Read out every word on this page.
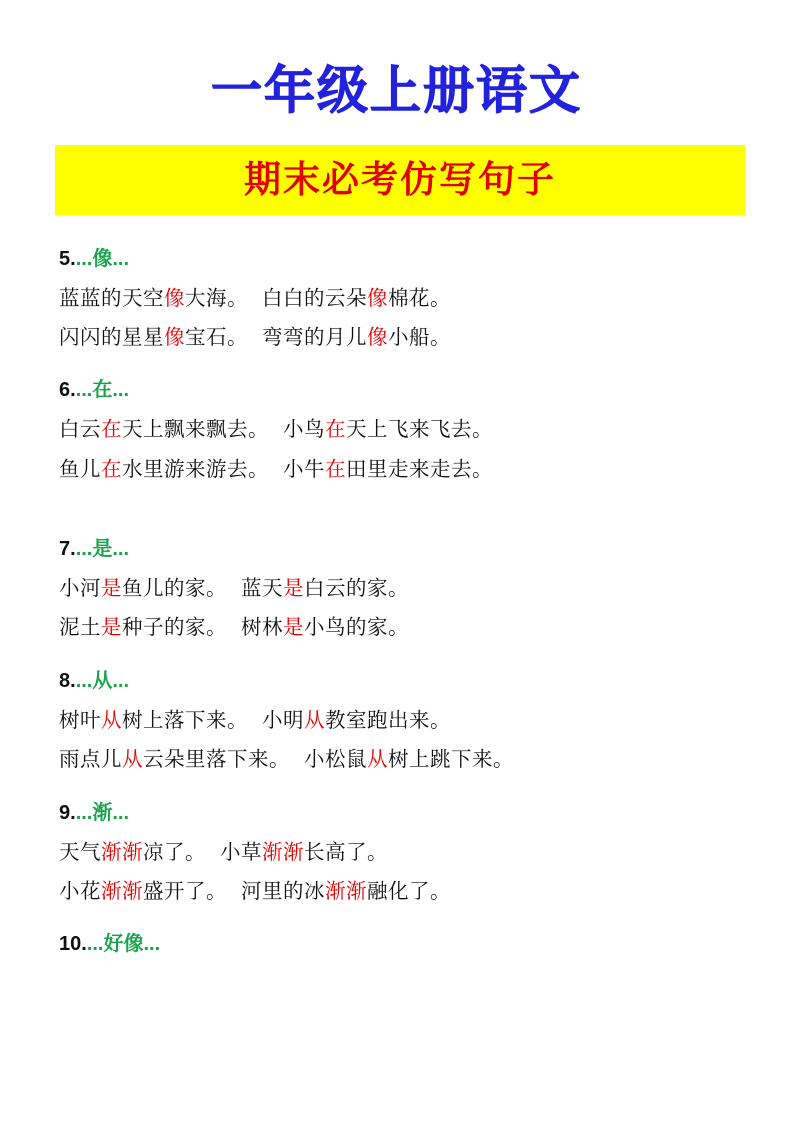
一年级上册语文
期末必考仿写句子
5....像...
蓝蓝的天空像大海。 白白的云朵像棉花。
闪闪的星星像宝石。 弯弯的月儿像小船。
6....在...
白云在天上飘来飘去。 小鸟在天上飞来飞去。
鱼儿在水里游来游去。 小牛在田里走来走去。
7....是...
小河是鱼儿的家。 蓝天是白云的家。
泥土是种子的家。 树林是小鸟的家。
8....从...
树叶从树上落下来。 小明从教室跑出来。
雨点儿从云朵里落下来。 小松鼠从树上跳下来。
9....渐...
天气渐渐凉了。 小草渐渐长高了。
小花渐渐盛开了。 河里的冰渐渐融化了。
10....好像...
